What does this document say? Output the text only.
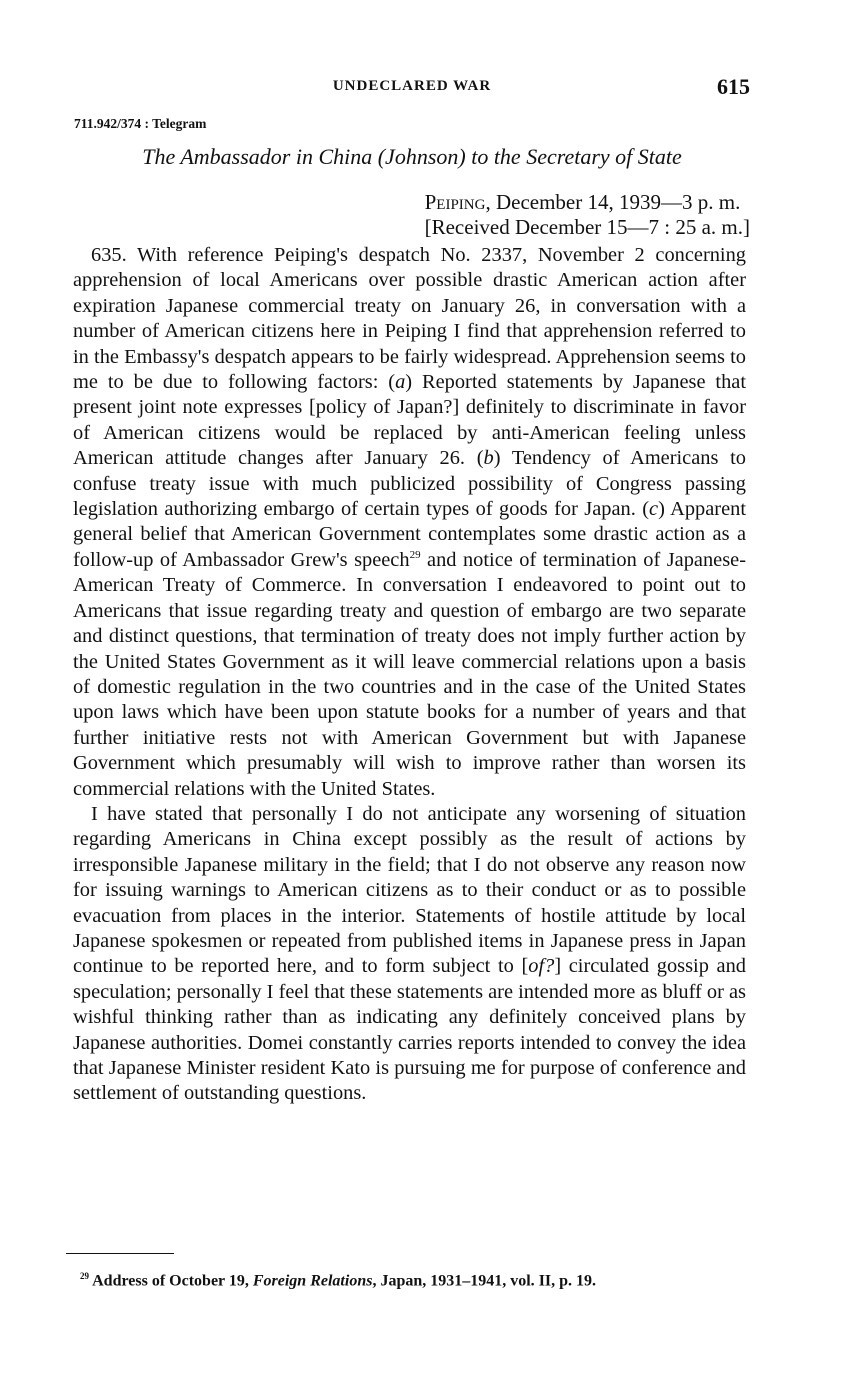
UNDECLARED WAR	615
711.942/374 : Telegram
The Ambassador in China (Johnson) to the Secretary of State
Peiping, December 14, 1939—3 p. m.
[Received December 15—7 : 25 a. m.]

635. With reference Peiping's despatch No. 2337, November 2 concerning apprehension of local Americans over possible drastic American action after expiration Japanese commercial treaty on January 26, in conversation with a number of American citizens here in Peiping I find that apprehension referred to in the Embassy's despatch appears to be fairly widespread. Apprehension seems to me to be due to following factors: (a) Reported statements by Japanese that present joint note expresses [policy of Japan?] definitely to discriminate in favor of American citizens would be replaced by anti-American feeling unless American attitude changes after January 26. (b) Tendency of Americans to confuse treaty issue with much publicized possibility of Congress passing legislation authorizing embargo of certain types of goods for Japan. (c) Apparent general belief that American Government contemplates some drastic action as a follow-up of Ambassador Grew's speech$^{29}$ and notice of termination of Japanese-American Treaty of Commerce. In conversation I endeavored to point out to Americans that issue regarding treaty and question of embargo are two separate and distinct questions, that termination of treaty does not imply further action by the United States Government as it will leave commercial relations upon a basis of domestic regulation in the two countries and in the case of the United States upon laws which have been upon statute books for a number of years and that further initiative rests not with American Government but with Japanese Government which presumably will wish to improve rather than worsen its commercial relations with the United States.

I have stated that personally I do not anticipate any worsening of situation regarding Americans in China except possibly as the result of actions by irresponsible Japanese military in the field; that I do not observe any reason now for issuing warnings to American citizens as to their conduct or as to possible evacuation from places in the interior. Statements of hostile attitude by local Japanese spokesmen or repeated from published items in Japanese press in Japan continue to be reported here, and to form subject to [of?] circulated gossip and speculation; personally I feel that these statements are intended more as bluff or as wishful thinking rather than as indicating any definitely conceived plans by Japanese authorities. Domei constantly carries reports intended to convey the idea that Japanese Minister resident Kato is pursuing me for purpose of conference and settlement of outstanding questions.

$^{29}$ Address of October 19, Foreign Relations, Japan, 1931–1941, vol. II, p. 19.
